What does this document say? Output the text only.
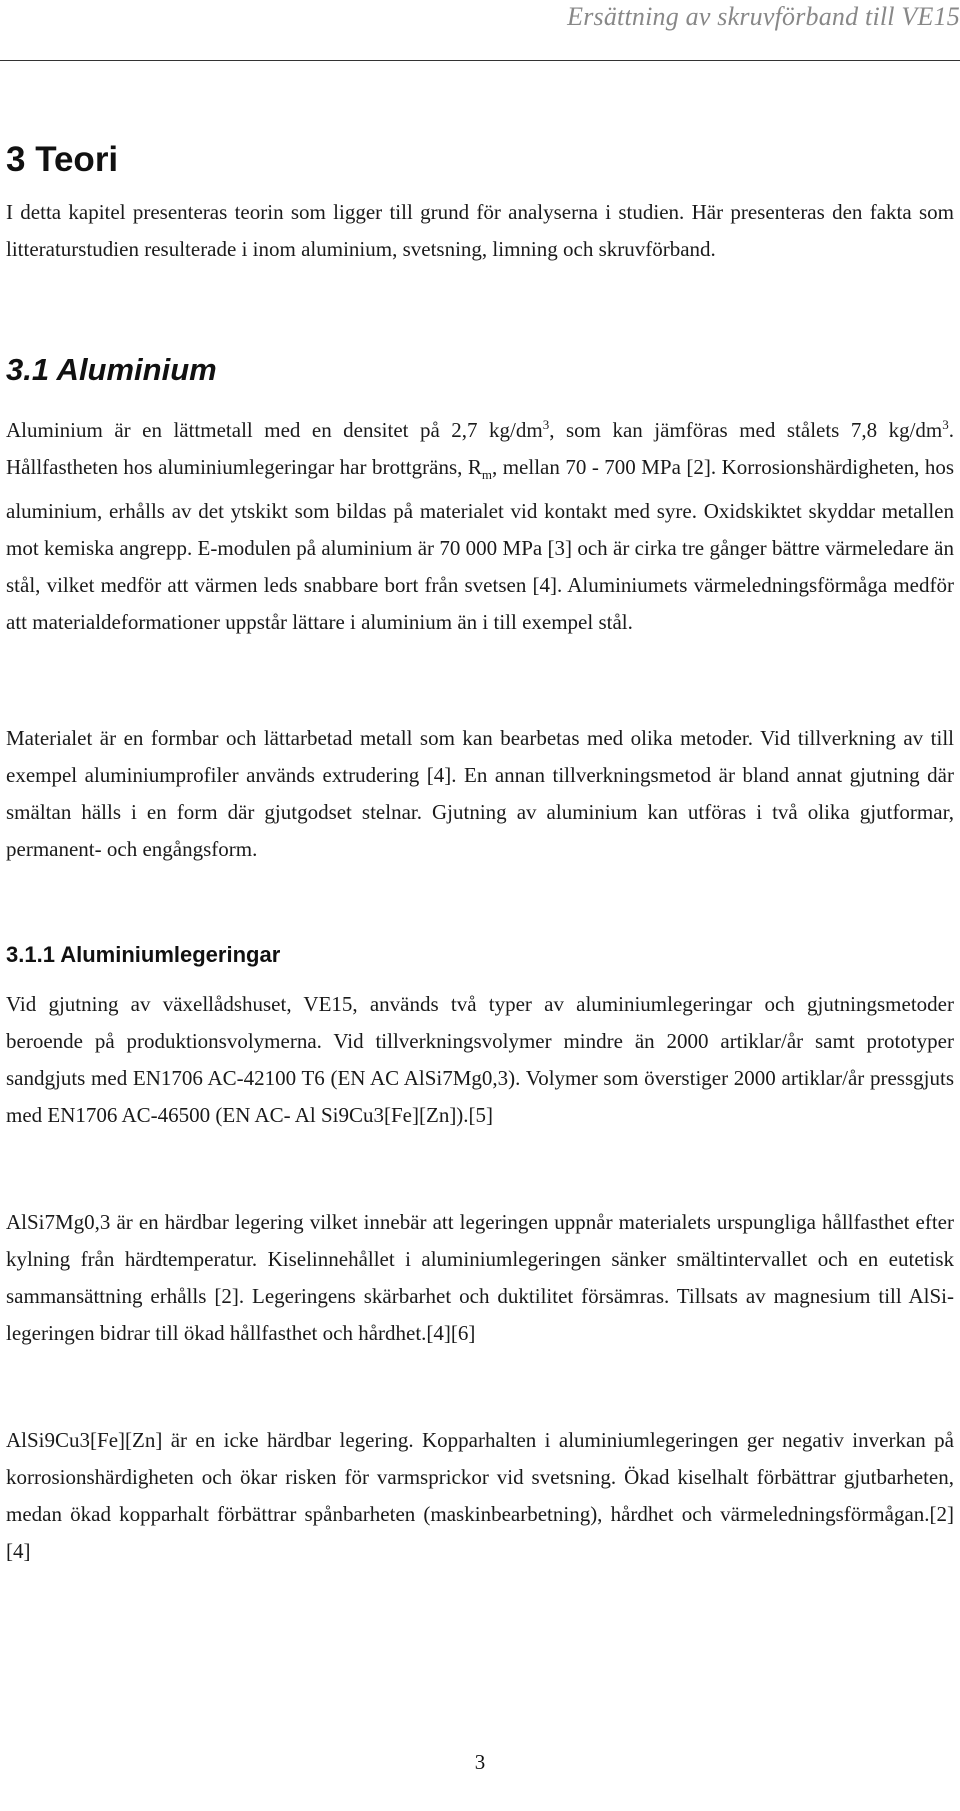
Ersättning av skruvförband till VE15
3 Teori

I detta kapitel presenteras teorin som ligger till grund för analyserna i studien. Här presenteras den fakta som litteraturstudien resulterade i inom aluminium, svetsning, limning och skruvförband.

3.1 Aluminium

Aluminium är en lättmetall med en densitet på 2,7 $kg/dm^3$, som kan jämföras med stålets 7,8 $kg/dm^3$. Hållfastheten hos aluminiumlegeringar har brottgräns, $R_m$, mellan 70 - 700 MPa [2]. Korrosionshärdigheten, hos aluminium, erhålls av det ytskikt som bildas på materialet vid kontakt med syre. Oxidskiktet skyddar metallen mot kemiska angrepp. E-modulen på aluminium är 70 000 MPa [3] och är cirka tre gånger bättre värmeledare än stål, vilket medför att värmen leds snabbare bort från svetsen [4]. Aluminiumets värmeledningsförmåga medför att materialdeformationer uppstår lättare i aluminium än i till exempel stål.

Materialet är en formbar och lättarbetad metall som kan bearbetas med olika metoder. Vid tillverkning av till exempel aluminiumprofiler används extrudering [4]. En annan tillverkningsmetod är bland annat gjutning där smältan hälls i en form där gjutgodset stelnar. Gjutning av aluminium kan utföras i två olika gjutformar, permanent- och engångsform.

3.1.1 Aluminiumlegeringar

Vid gjutning av växellådshuset, VE15, används två typer av aluminiumlegeringar och gjutningsmetoder beroende på produktionsvolymerna. Vid tillverkningsvolymer mindre än 2000 artiklar/år samt prototyper sandgjuts med EN1706 AC-42100 T6 (EN AC AlSi7Mg0,3). Volymer som överstiger 2000 artiklar/år pressgjuts med EN1706 AC-46500 (EN AC- Al Si9Cu3[Fe][Zn]).[5]

AlSi7Mg0,3 är en härdbar legering vilket innebär att legeringen uppnår materialets urspungliga hållfasthet efter kylning från härdtemperatur. Kiselinnehållet i aluminiumlegeringen sänker smältintervallet och en eutetisk sammansättning erhålls [2]. Legeringens skärbarhet och duktilitet försämras. Tillsats av magnesium till AlSi-legeringen bidrar till ökad hållfasthet och hårdhet.[4][6]

AlSi9Cu3[Fe][Zn] är en icke härdbar legering. Kopparhalten i aluminiumlegeringen ger negativ inverkan på korrosionshärdigheten och ökar risken för varmsprickor vid svetsning. Ökad kiselhalt förbättrar gjutbarheten, medan ökad kopparhalt förbättrar spånbarheten (maskinbearbetning), hårdhet och värmeledningsförmågan.[2][4]

3
